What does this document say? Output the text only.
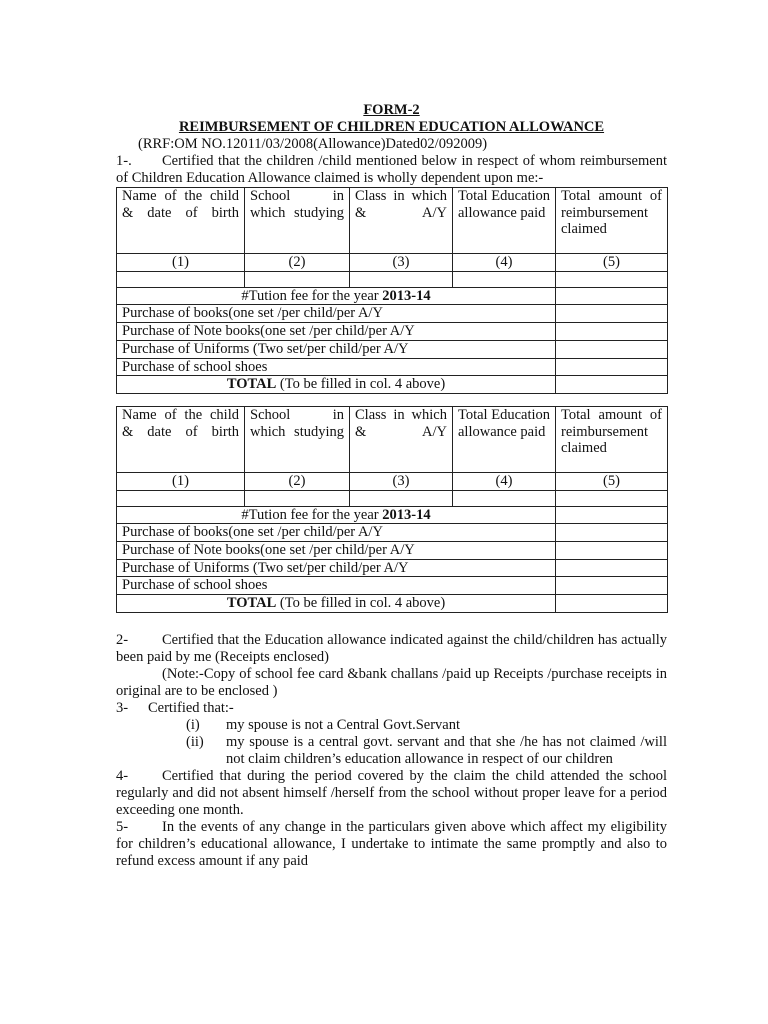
FORM-2
REIMBURSEMENT OF CHILDREN EDUCATION ALLOWANCE
(RRF:OM NO.12011/03/2008(Allowance)Dated02/092009)

1-. Certified that the children /child mentioned below in respect of whom reimbursement of Children Education Allowance claimed is wholly dependent upon me:-

Name of the child & date of birth	School in which studying	Class in which & A/Y	Total Education allowance paid	Total amount of reimbursement claimed
(1)	(2)	(3)	(4)	(5)

#Tution fee for the year 2013-14				
Purchase of books(one set /per child/per A/Y				
Purchase of Note books(one set /per child/per A/Y				
Purchase of Uniforms (Two set/per child/per A/Y				
Purchase of school shoes				
TOTAL (To be filled in col. 4 above)				
Name of the child & date of birth	School in which studying	Class in which & A/Y	Total Education allowance paid	Total amount of reimbursement claimed
(1)	(2)	(3)	(4)	(5)

#Tution fee for the year 2013-14				
Purchase of books(one set /per child/per A/Y				
Purchase of Note books(one set /per child/per A/Y				
Purchase of Uniforms (Two set/per child/per A/Y				
Purchase of school shoes				
TOTAL (To be filled in col. 4 above)				

2- Certified that the Education allowance indicated against the child/children has actually been paid by me (Receipts enclosed)

(Note:-Copy of school fee card &bank challans /paid up Receipts /purchase receipts in original are to be enclosed )

3- Certified that:-

(i)	my spouse is not a Central Govt.Servant
(ii)	my spouse is a central govt. servant and that she /he has not claimed /will not claim children’s education allowance in respect of our children

4- Certified that during the period covered by the claim the child attended the school regularly and did not absent himself /herself from the school without proper leave for a period exceeding one month.

5- In the events of any change in the particulars given above which affect my eligibility for children’s educational allowance, I undertake to intimate the same promptly and also to refund excess amount if any paid
